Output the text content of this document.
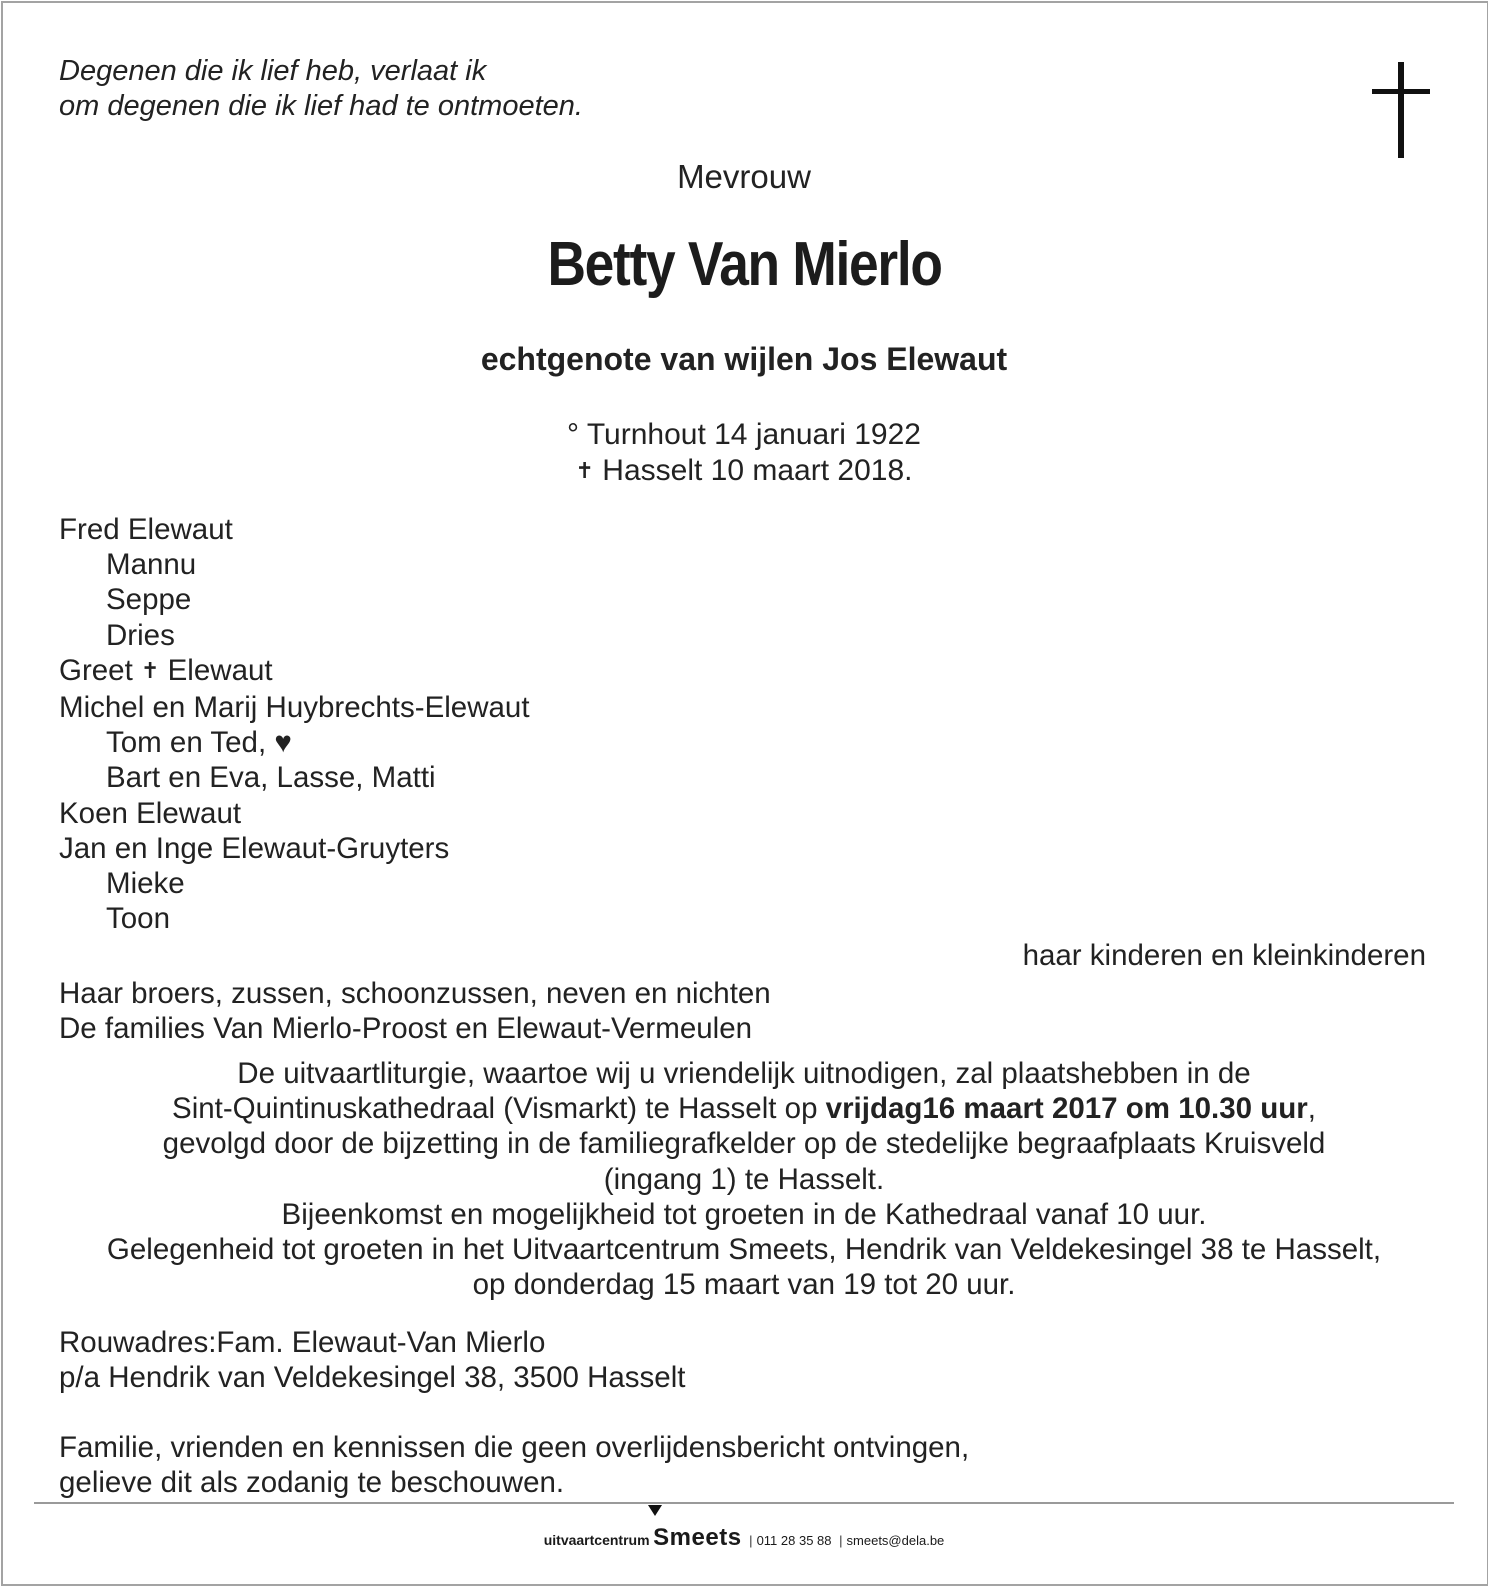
Degenen die ik lief heb, verlaat ik
om degenen die ik lief had te ontmoeten.
Mevrouw
Betty Van Mierlo
echtgenote van wijlen Jos Elewaut
° Turnhout 14 januari 1922
✝ Hasselt 10 maart 2018.
Fred Elewaut
Mannu
Seppe
Dries
Greet ✝ Elewaut
Michel en Marij Huybrechts-Elewaut
Tom en Ted, ♥
Bart en Eva, Lasse, Matti
Koen Elewaut
Jan en Inge Elewaut-Gruyters
Mieke
Toon
haar kinderen en kleinkinderen
Haar broers, zussen, schoonzussen, neven en nichten
De families Van Mierlo-Proost en Elewaut-Vermeulen
De uitvaartliturgie, waartoe wij u vriendelijk uitnodigen, zal plaatshebben in de
Sint-Quintinuskathedraal (Vismarkt) te Hasselt op vrijdag16 maart 2017 om 10.30 uur,
gevolgd door de bijzetting in de familiegrafkelder op de stedelijke begraafplaats Kruisveld
(ingang 1) te Hasselt.
Bijeenkomst en mogelijkheid tot groeten in de Kathedraal vanaf 10 uur.
Gelegenheid tot groeten in het Uitvaartcentrum Smeets, Hendrik van Veldekesingel 38 te Hasselt,
op donderdag 15 maart van 19 tot 20 uur.
Rouwadres:Fam. Elewaut-Van Mierlo
p/a Hendrik van Veldekesingel 38, 3500 Hasselt
Familie, vrienden en kennissen die geen overlijdensbericht ontvingen,
gelieve dit als zodanig te beschouwen.
uitvaartcentrum Smeets | 011 28 35 88 | smeets@dela.be
